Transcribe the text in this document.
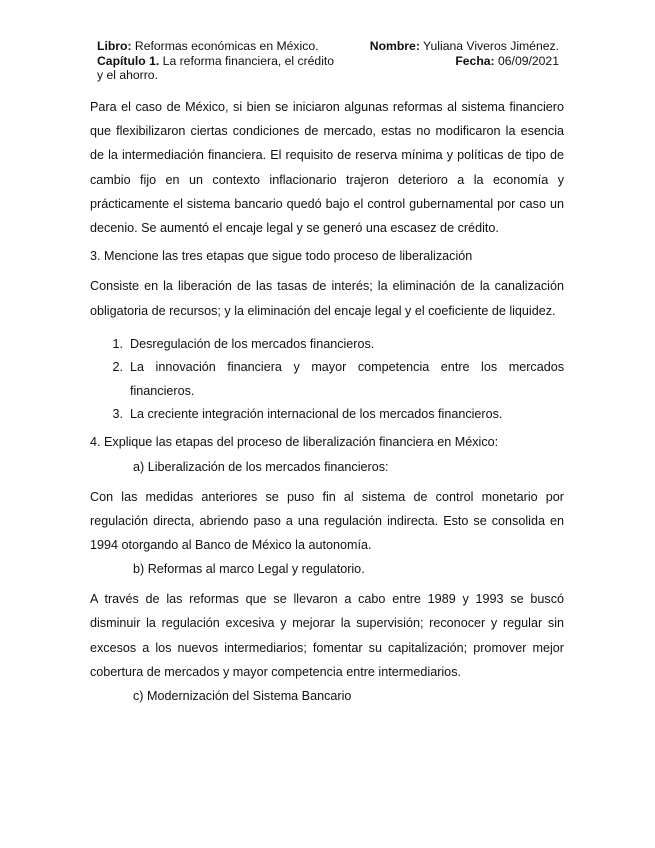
Libro: Reformas económicas en México.	Nombre: Yuliana Viveros Jiménez.
Capítulo 1. La reforma financiera, el crédito y el ahorro.
Fecha: 06/09/2021

Para el caso de México, si bien se iniciaron algunas reformas al sistema financiero que flexibilizaron ciertas condiciones de mercado, estas no modificaron la esencia de la intermediación financiera. El requisito de reserva mínima y políticas de tipo de cambio fijo en un contexto inflacionario trajeron deterioro a la economía y prácticamente el sistema bancario quedó bajo el control gubernamental por caso un decenio. Se aumentó el encaje legal y se generó una escasez de crédito.

3. Mencione las tres etapas que sigue todo proceso de liberalización

Consiste en la liberación de las tasas de interés; la eliminación de la canalización obligatoria de recursos; y la eliminación del encaje legal y el coeficiente de liquidez.

1. Desregulación de los mercados financieros.
2. La innovación financiera y mayor competencia entre los mercados financieros.
3. La creciente integración internacional de los mercados financieros.

4. Explique las etapas del proceso de liberalización financiera en México:

a) Liberalización de los mercados financieros:

Con las medidas anteriores se puso fin al sistema de control monetario por regulación directa, abriendo paso a una regulación indirecta. Esto se consolida en 1994 otorgando al Banco de México la autonomía.

b) Reformas al marco Legal y regulatorio.

A través de las reformas que se llevaron a cabo entre 1989 y 1993 se buscó disminuir la regulación excesiva y mejorar la supervisión; reconocer y regular sin excesos a los nuevos intermediarios; fomentar su capitalización; promover mejor cobertura de mercados y mayor competencia entre intermediarios.

c) Modernización del Sistema Bancario
